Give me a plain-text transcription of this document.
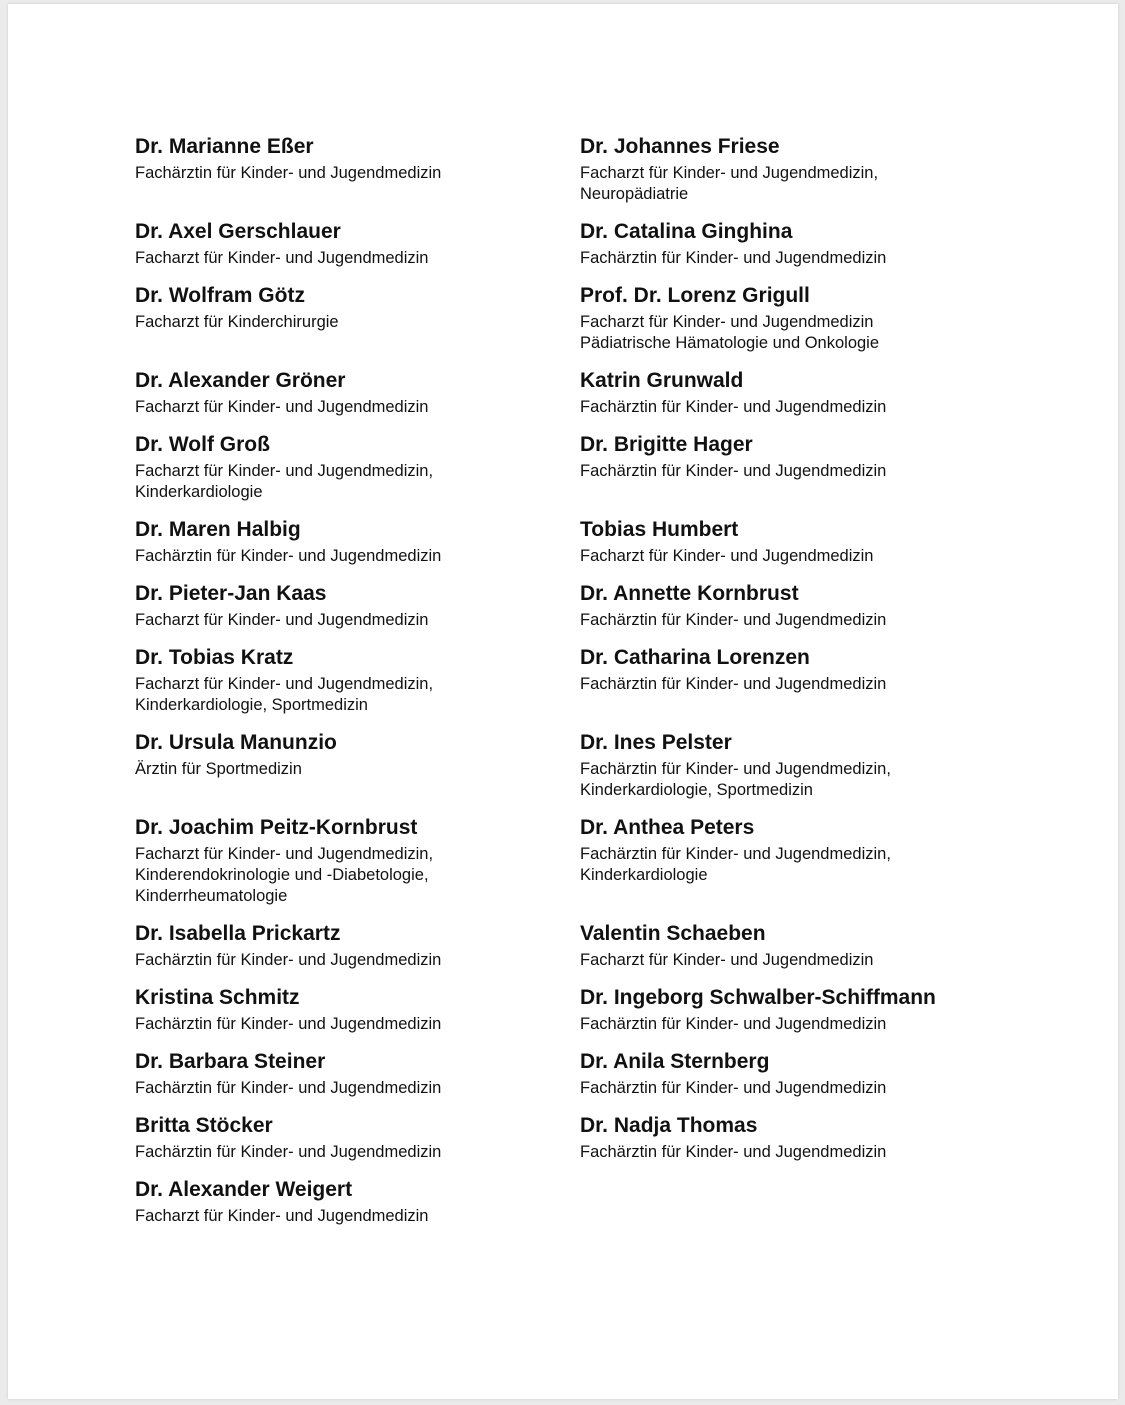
Dr. Marianne Eßer
Fachärztin für Kinder- und Jugendmedizin
Dr. Axel Gerschlauer
Facharzt für Kinder- und Jugendmedizin
Dr. Wolfram Götz
Facharzt für Kinderchirurgie
Dr. Alexander Gröner
Facharzt für Kinder- und Jugendmedizin
Dr. Wolf Groß
Facharzt für Kinder- und Jugendmedizin,
Kinderkardiologie
Dr. Maren Halbig
Fachärztin für Kinder- und Jugendmedizin
Dr. Pieter-Jan Kaas
Facharzt für Kinder- und Jugendmedizin
Dr. Tobias Kratz
Facharzt für Kinder- und Jugendmedizin,
Kinderkardiologie, Sportmedizin
Dr. Ursula Manunzio
Ärztin für Sportmedizin
Dr. Joachim Peitz-Kornbrust
Facharzt für Kinder- und Jugendmedizin,
Kinderendokrinologie und -Diabetologie,
Kinderrheumatologie
Dr. Isabella Prickartz
Fachärztin für Kinder- und Jugendmedizin
Kristina Schmitz
Fachärztin für Kinder- und Jugendmedizin
Dr. Barbara Steiner
Fachärztin für Kinder- und Jugendmedizin
Britta Stöcker
Fachärztin für Kinder- und Jugendmedizin
Dr. Alexander Weigert
Facharzt für Kinder- und Jugendmedizin
Dr. Johannes Friese
Facharzt für Kinder- und Jugendmedizin,
Neuropädiatrie
Dr. Catalina Ginghina
Fachärztin für Kinder- und Jugendmedizin
Prof. Dr. Lorenz Grigull
Facharzt für Kinder- und Jugendmedizin
Pädiatrische Hämatologie und Onkologie
Katrin Grunwald
Fachärztin für Kinder- und Jugendmedizin
Dr. Brigitte Hager
Fachärztin für Kinder- und Jugendmedizin
Tobias Humbert
Facharzt für Kinder- und Jugendmedizin
Dr. Annette Kornbrust
Fachärztin für Kinder- und Jugendmedizin
Dr. Catharina Lorenzen
Fachärztin für Kinder- und Jugendmedizin
Dr. Ines Pelster
Fachärztin für Kinder- und Jugendmedizin,
Kinderkardiologie, Sportmedizin
Dr. Anthea Peters
Fachärztin für Kinder- und Jugendmedizin,
Kinderkardiologie
Valentin Schaeben
Facharzt für Kinder- und Jugendmedizin
Dr. Ingeborg Schwalber-Schiffmann
Fachärztin für Kinder- und Jugendmedizin
Dr. Anila Sternberg
Fachärztin für Kinder- und Jugendmedizin
Dr. Nadja Thomas
Fachärztin für Kinder- und Jugendmedizin
